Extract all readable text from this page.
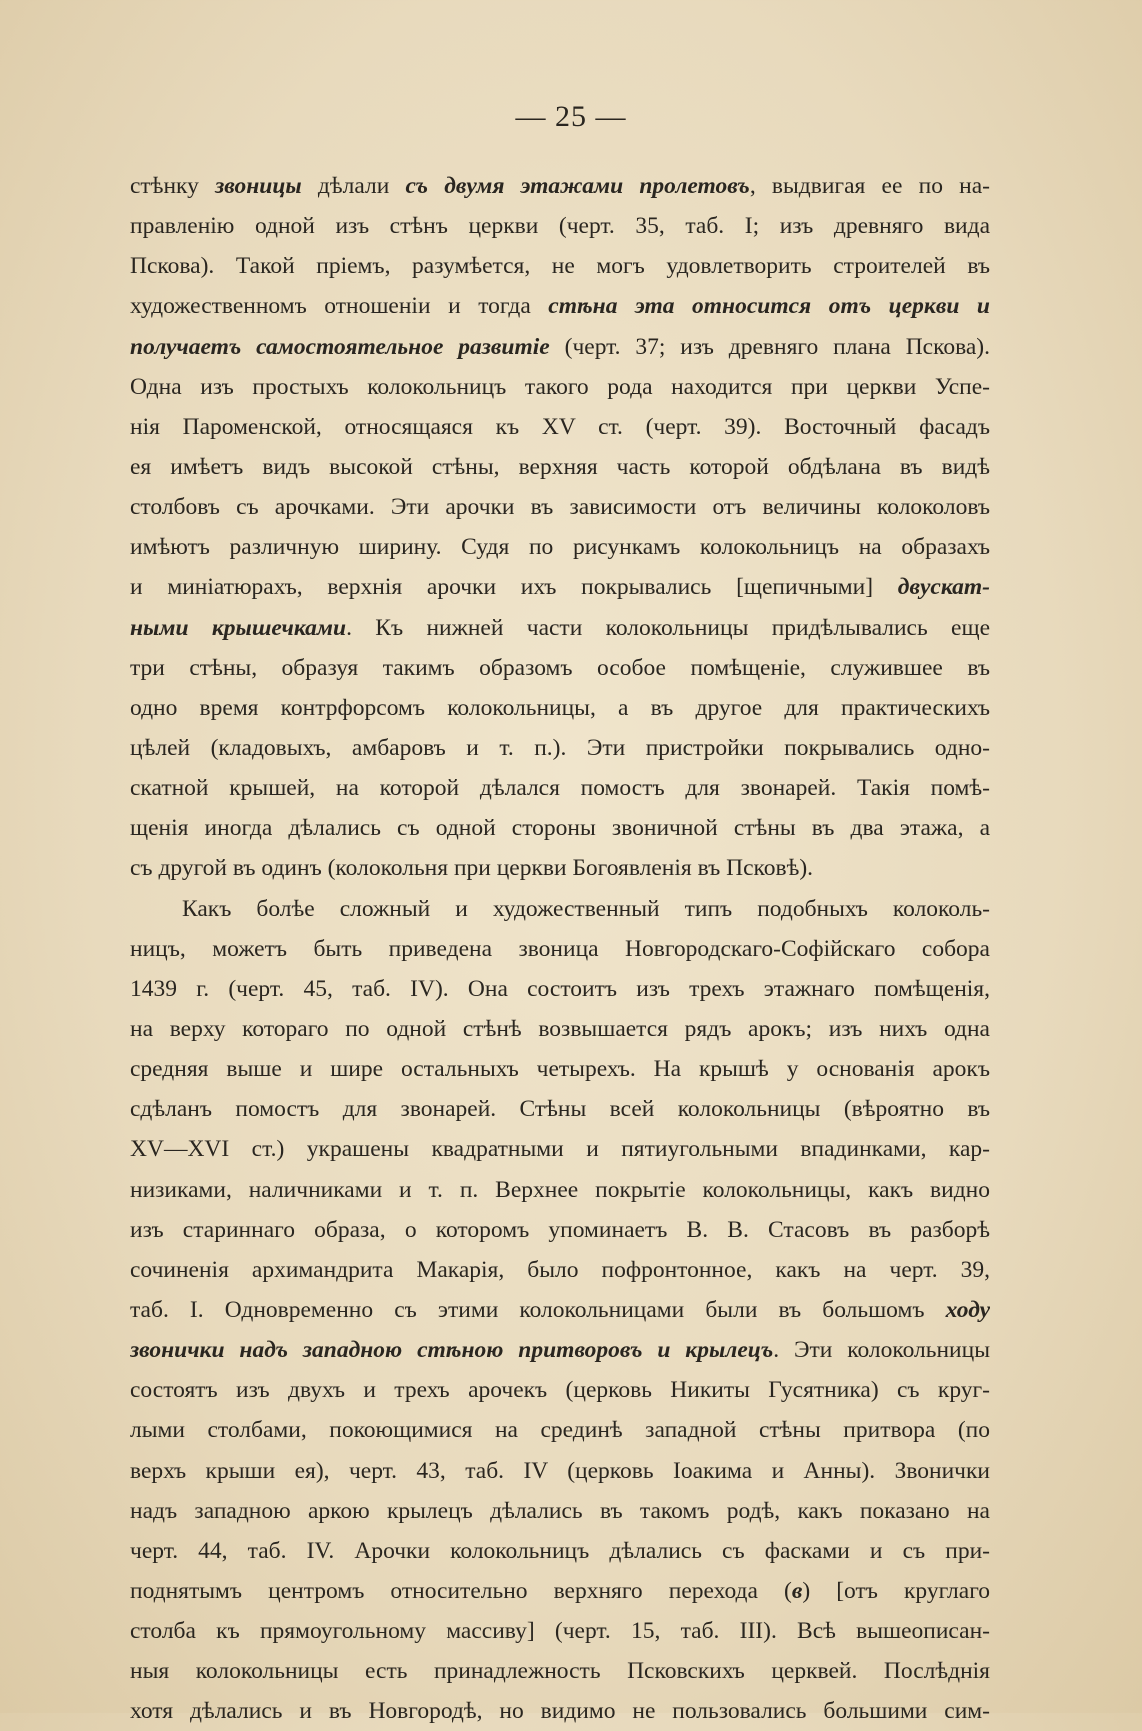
— 25 —
стѣнку звоницы дѣлали съ двумя этажами пролетовъ, выдвигая ее по на-
правленію одной изъ стѣнъ церкви (черт. 35, таб. I; изъ древняго вида
Пскова). Такой пріемъ, разумѣется, не могъ удовлетворить строителей въ
художественномъ отношеніи и тогда стѣна эта относится отъ церкви и
получаетъ самостоятельное развитіе (черт. 37; изъ древняго плана Пскова).
Одна изъ простыхъ колокольницъ такого рода находится при церкви Успе-
нія Пароменской, относящаяся къ XV ст. (черт. 39). Восточный фасадъ
ея имѣетъ видъ высокой стѣны, верхняя часть которой обдѣлана въ видѣ
столбовъ съ арочками. Эти арочки въ зависимости отъ величины колоколовъ
имѣютъ различную ширину. Судя по рисункамъ колокольницъ на образахъ
и миніатюрахъ, верхнія арочки ихъ покрывались [щепичными] двускат-
ными крышечками. Къ нижней части колокольницы придѣлывались еще
три стѣны, образуя такимъ образомъ особое помѣщеніе, служившее въ
одно время контрфорсомъ колокольницы, а въ другое для практическихъ
цѣлей (кладовыхъ, амбаровъ и т. п.). Эти пристройки покрывались одно-
скатной крышей, на которой дѣлался помостъ для звонарей. Такія помѣ-
щенія иногда дѣлались съ одной стороны звоничной стѣны въ два этажа, а
съ другой въ одинъ (колокольня при церкви Богоявленія въ Псковѣ).
Какъ болѣе сложный и художественный типъ подобныхъ колоколь-
ницъ, можетъ быть приведена звоница Новгородскаго-Софійскаго собора
1439 г. (черт. 45, таб. IV). Она состоитъ изъ трехъ этажнаго помѣщенія,
на верху котораго по одной стѣнѣ возвышается рядъ арокъ; изъ нихъ одна
средняя выше и шире остальныхъ четырехъ. На крышѣ у основанія арокъ
сдѣланъ помостъ для звонарей. Стѣны всей колокольницы (вѣроятно въ
XV—XVI ст.) украшены квадратными и пятиугольными впадинками, кар-
низиками, наличниками и т. п. Верхнее покрытіе колокольницы, какъ видно
изъ стариннаго образа, о которомъ упоминаетъ В. В. Стасовъ въ разборѣ
сочиненія архимандрита Макарія, было пофронтонное, какъ на черт. 39,
таб. I. Одновременно съ этими колокольницами были въ большомъ ходу
звонички надъ западною стѣною притворовъ и крылецъ. Эти колокольницы
состоятъ изъ двухъ и трехъ арочекъ (церковь Никиты Гусятника) съ круг-
лыми столбами, покоющимися на срединѣ западной стѣны притвора (по
верхъ крыши ея), черт. 43, таб. IV (церковь Іоакима и Анны). Звонички
надъ западною аркою крылецъ дѣлались въ такомъ родѣ, какъ показано на
черт. 44, таб. IV. Арочки колокольницъ дѣлались съ фасками и съ при-
поднятымъ центромъ относительно верхняго перехода (в) [отъ круглаго
столба къ прямоугольному массиву] (черт. 15, таб. III). Всѣ вышеописан-
ныя колокольницы есть принадлежность Псковскихъ церквей. Послѣднія
хотя дѣлались и въ Новгородѣ, но видимо не пользовались большими сим-
